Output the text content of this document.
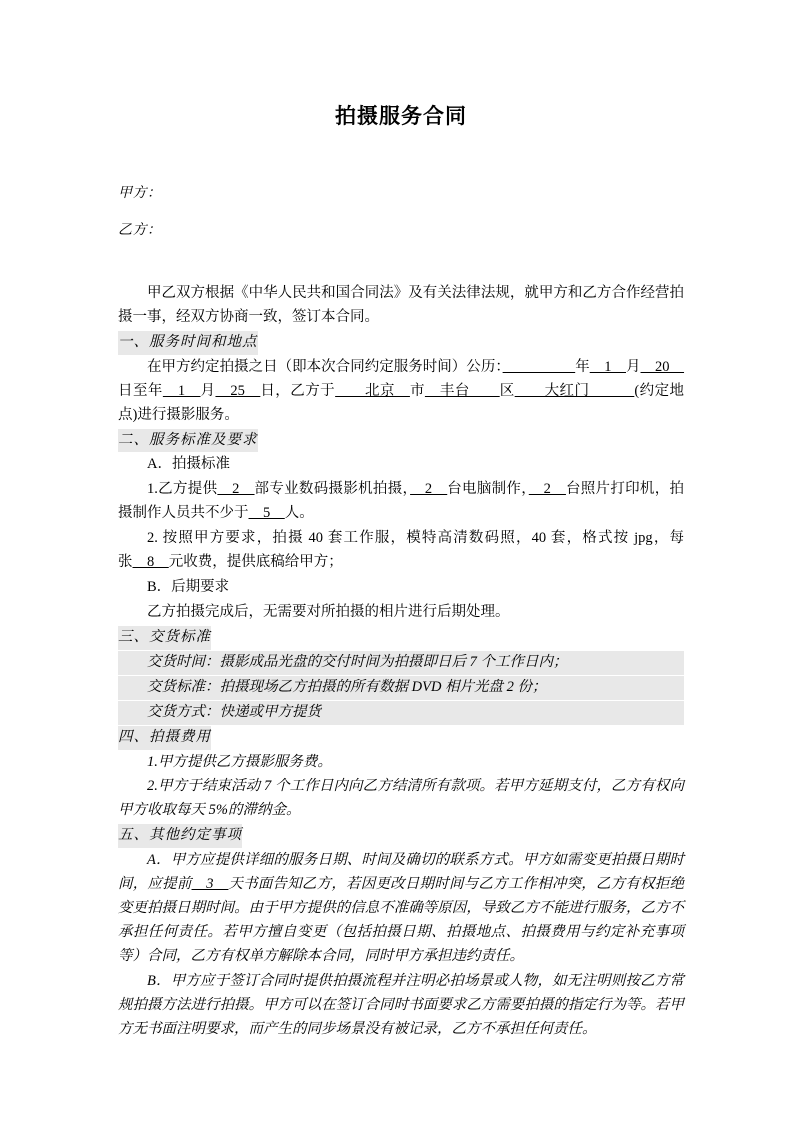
拍摄服务合同
甲方：
乙方：

甲乙双方根据《中华人民共和国合同法》及有关法律法规，就甲方和乙方合作经营拍摄一事，经双方协商一致，签订本合同。

一、服务时间和地点

在甲方约定拍摄之日（即本次合同约定服务时间）公历：　　　　　	年　1　月　20　日至年　1　月　25　日，乙方于　　北京　市　丰台　　区　　大红门　　　(约定地点)进行摄影服务。

二、服务标准及要求

A．拍摄标准

1.乙方提供　2　部专业数码摄影机拍摄，　2　台电脑制作，　2　台照片打印机，拍摄制作人员共不少于　5　人。

2. 按照甲方要求，拍摄 40 套工作服，模特高清数码照，40 套，格式按 jpg，每张　8　元收费，提供底稿给甲方；

B．后期要求

乙方拍摄完成后，无需要对所拍摄的相片进行后期处理。

三、交货标准

交货时间：摄影成品光盘的交付时间为拍摄即日后 7 个工作日内；

交货标准：拍摄现场乙方拍摄的所有数据 DVD 相片光盘 2 份；

交货方式：快递或甲方提货

四、拍摄费用

1.甲方提供乙方摄影服务费。

2.甲方于结束活动 7 个工作日内向乙方结清所有款项。若甲方延期支付，乙方有权向甲方收取每天 5%的滞纳金。

五、其他约定事项

A．甲方应提供详细的服务日期、时间及确切的联系方式。甲方如需变更拍摄日期时间，应提前　3　天书面告知乙方，若因更改日期时间与乙方工作相冲突，乙方有权拒绝变更拍摄日期时间。由于甲方提供的信息不准确等原因，导致乙方不能进行服务，乙方不承担任何责任。若甲方擅自变更（包括拍摄日期、拍摄地点、拍摄费用与约定补充事项等）合同，乙方有权单方解除本合同，同时甲方承担违约责任。

B．甲方应于签订合同时提供拍摄流程并注明必拍场景或人物，如无注明则按乙方常规拍摄方法进行拍摄。甲方可以在签订合同时书面要求乙方需要拍摄的指定行为等。若甲方无书面注明要求，而产生的同步场景没有被记录，乙方不承担任何责任。
